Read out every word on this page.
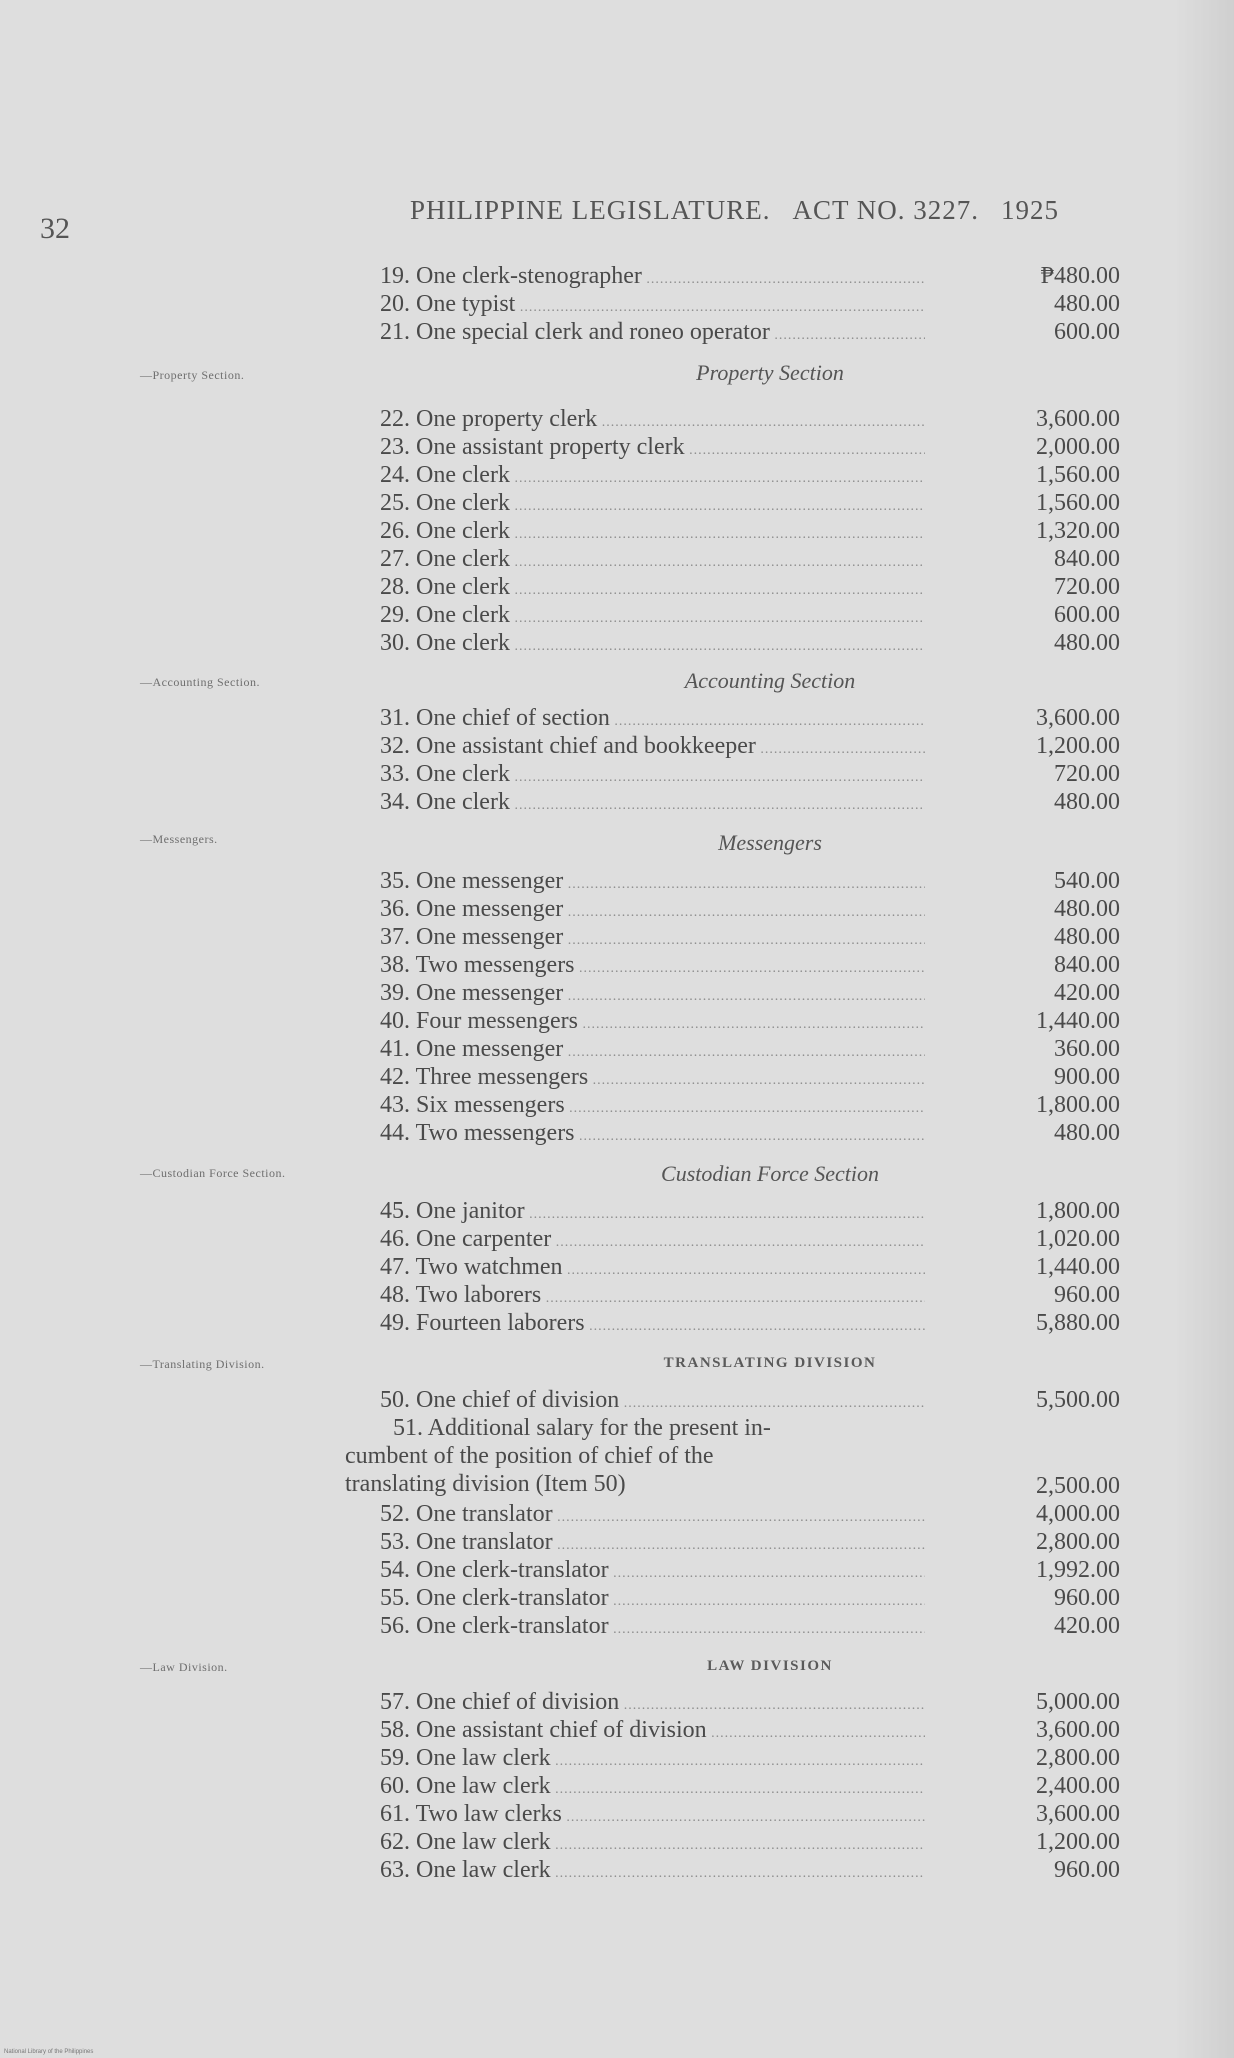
32
PHILIPPINE LEGISLATURE. ACT NO. 3227. 1925
19. One clerk-stenographer .....	₱480.00
20. One typist .....	480.00
21. One special clerk and roneo operator .....	600.00
—Property Section.	Property Section
22. One property clerk .....	3,600.00
23. One assistant property clerk .....	2,000.00
24. One clerk .....	1,560.00
25. One clerk .....	1,560.00
26. One clerk .....	1,320.00
27. One clerk .....	840.00
28. One clerk .....	720.00
29. One clerk .....	600.00
30. One clerk .....	480.00
—Accounting Section.	Accounting Section
31. One chief of section .....	3,600.00
32. One assistant chief and bookkeeper .....	1,200.00
33. One clerk .....	720.00
34. One clerk .....	480.00
—Messengers.	Messengers
35. One messenger .....	540.00
36. One messenger .....	480.00
37. One messenger .....	480.00
38. Two messengers .....	840.00
39. One messenger .....	420.00
40. Four messengers .....	1,440.00
41. One messenger .....	360.00
42. Three messengers .....	900.00
43. Six messengers .....	1,800.00
44. Two messengers .....	480.00
—Custodian Force Section.	Custodian Force Section
45. One janitor .....	1,800.00
46. One carpenter .....	1,020.00
47. Two watchmen .....	1,440.00
48. Two laborers .....	960.00
49. Fourteen laborers .....	5,880.00
—Translating Division.	TRANSLATING DIVISION
50. One chief of division .....	5,500.00
51. Additional salary for the present in-
cumbent of the position of chief of the
translating division (Item 50)	2,500.00
52. One translator .....	4,000.00
53. One translator .....	2,800.00
54. One clerk-translator .....	1,992.00
55. One clerk-translator .....	960.00
56. One clerk-translator .....	420.00
—Law Division.	LAW DIVISION
57. One chief of division .....	5,000.00
58. One assistant chief of division .....	3,600.00
59. One law clerk .....	2,800.00
60. One law clerk .....	2,400.00
61. Two law clerks .....	3,600.00
62. One law clerk .....	1,200.00
63. One law clerk .....	960.00
National Library of the Philippines
